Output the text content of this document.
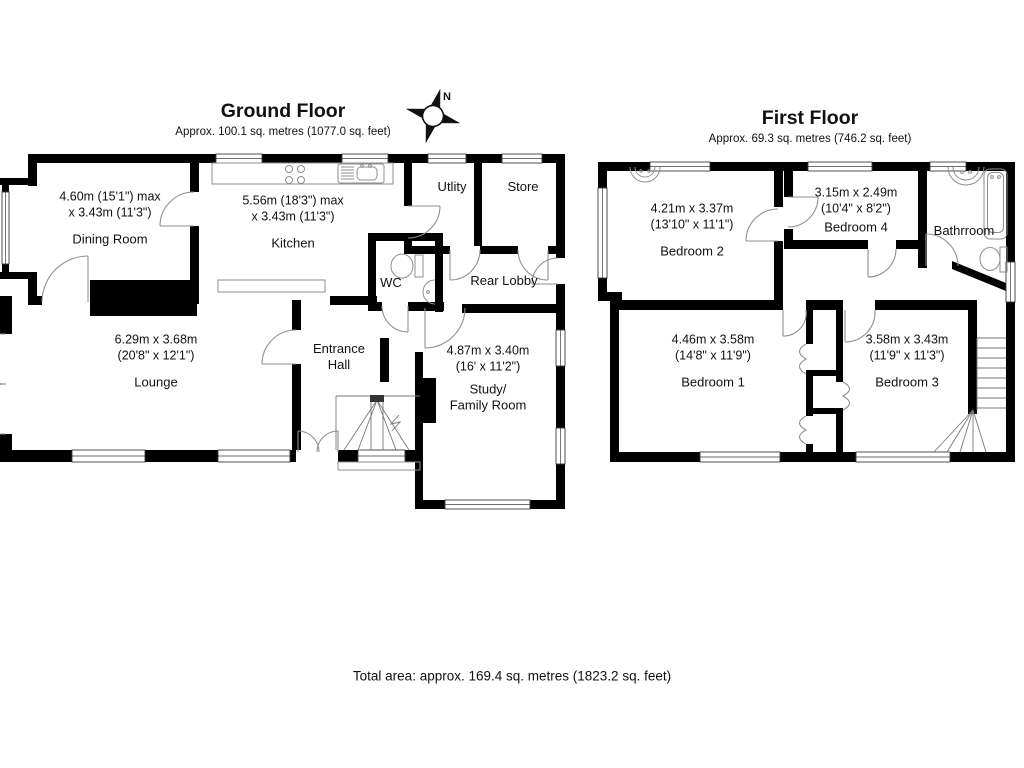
N
Ground Floor
Approx. 100.1 sq. metres (1077.0 sq. feet)
First Floor
Approx. 69.3 sq. metres (746.2 sq. feet)
4.60m (15'1") max
x 3.43m (11'3")
Dining Room
5.56m (18'3") max
x 3.43m (11'3")
Kitchen
Utlity	Store
WC	Rear Lobby
6.29m x 3.68m
(20'8" x 12'1")
Lounge
Entrance
Hall
4.87m x 3.40m
(16' x 11'2")
Study/
Family Room
4.21m x 3.37m
(13'10" x 11'1")
Bedroom 2
3.15m x 2.49m
(10'4" x 8'2")
Bedroom 4	Bathrroom
4.46m x 3.58m
(14'8" x 11'9")
Bedroom 1
3.58m x 3.43m
(11'9" x 11'3")
Bedroom 3
Total area: approx. 169.4 sq. metres (1823.2 sq. feet)
